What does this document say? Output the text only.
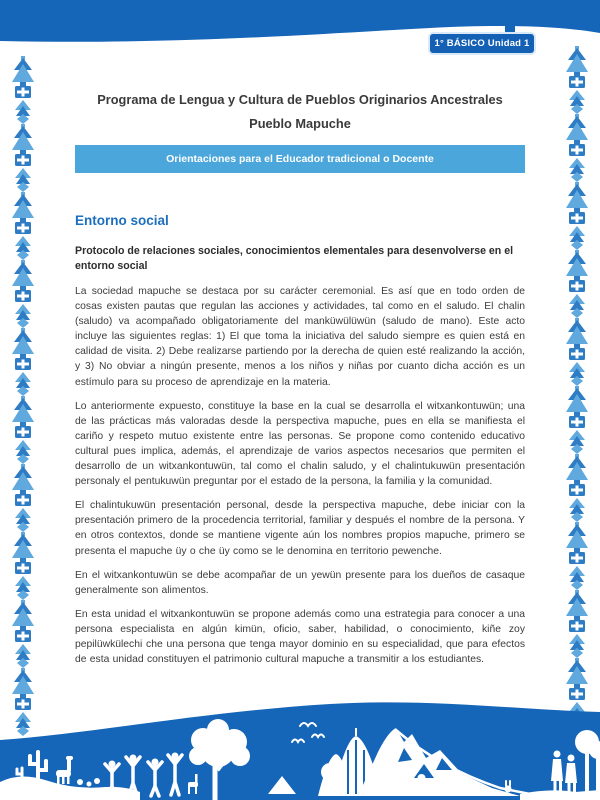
1° BÁSICO Unidad 1
Programa de Lengua y Cultura de Pueblos Originarios Ancestrales
Pueblo Mapuche
Orientaciones para el Educador tradicional o Docente
Entorno social
Protocolo de relaciones sociales, conocimientos elementales para desenvolverse en el entorno social

La sociedad mapuche se destaca por su carácter ceremonial. Es así que en todo orden de cosas existen pautas que regulan las acciones y actividades, tal como en el saludo. El chalin (saludo) va acompañado obligatoriamente del manküwülüwün (saludo de mano). Este acto incluye las siguientes reglas: 1) El que toma la iniciativa del saludo siempre es quien está en calidad de visita. 2) Debe realizarse partiendo por la derecha de quien esté realizando la acción, y 3) No obviar a ningún presente, menos a los niños y niñas por cuanto dicha acción es un estímulo para su proceso de aprendizaje en la materia.

Lo anteriormente expuesto, constituye la base en la cual se desarrolla el witxankontuwün; una de las prácticas más valoradas desde la perspectiva mapuche, pues en ella se manifiesta el cariño y respeto mutuo existente entre las personas. Se propone como contenido educativo cultural pues implica, además, el aprendizaje de varios aspectos necesarios que permiten el desarrollo de un witxankontuwün, tal como el chalin saludo, y el chalintukuwün presentación personaly el pentukuwün preguntar por el estado de la persona, la familia y la comunidad.

El chalintukuwün presentación personal, desde la perspectiva mapuche, debe iniciar con la presentación primero de la procedencia territorial, familiar y después el nombre de la persona. Y en otros contextos, donde se mantiene vigente aún los nombres propios mapuche, primero se presenta el mapuche üy o che üy como se le denomina en territorio pewenche.

En el witxankontuwün se debe acompañar de un yewün presente para los dueños de casaque generalmente son alimentos.

En esta unidad el witxankontuwün se propone además como una estrategia para conocer a una persona especialista en algún kimün, oficio, saber, habilidad, o conocimiento, kiñe zoy pepilüwkülechi che una persona que tenga mayor dominio en su especialidad, que para efectos de esta unidad constituyen el patrimonio cultural mapuche a transmitir a los estudiantes.
